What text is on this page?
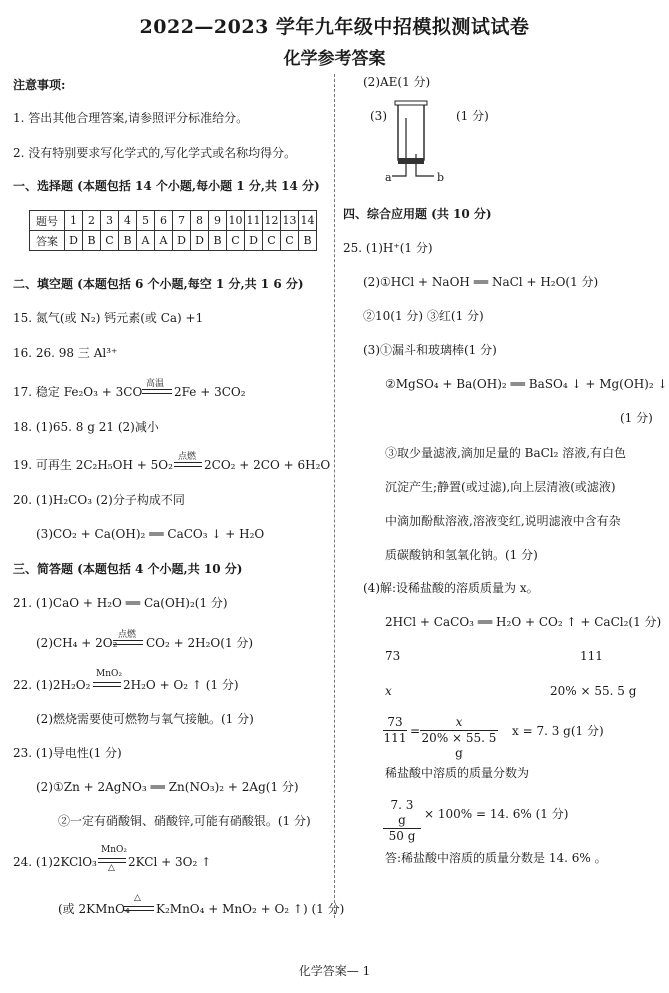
2022—2023 学年九年级中招模拟测试试卷
化学参考答案
注意事项:
1. 答出其他合理答案,请参照评分标准给分。
2. 没有特别要求写化学式的,写化学式或名称均得分。
一、选择题 (本题包括 14 个小题,每小题 1 分,共 14 分)
题号	1	2	3	4	5	6	7	8	9	10	11	12	13	14
答案	D	B	C	B	A	A	D	D	B	C	D	C	C	B
二、填空题 (本题包括 6 个小题,每空 1 分,共 1 6 分)
15. 氮气(或 N₂) 钙元素(或 Ca) +1
16. 26. 98 三 Al³⁺
17. 稳定 Fe₂O₃ + 3CO
高温
2Fe + 3CO₂
18. (1)65. 8 g 21 (2)减小
19. 可再生 2C₂H₅OH + 5O₂
点燃
2CO₂ + 2CO + 6H₂O
20. (1)H₂CO₃ (2)分子构成不同
(3)CO₂ + Ca(OH)₂ ══ CaCO₃ ↓ + H₂O
三、简答题 (本题包括 4 个小题,共 10 分)
21. (1)CaO + H₂O ══ Ca(OH)₂(1 分)
(2)CH₄ + 2O₂
点燃
CO₂ + 2H₂O(1 分)
22. (1)2H₂O₂
MnO₂
2H₂O + O₂ ↑ (1 分)
(2)燃烧需要使可燃物与氧气接触。(1 分)
23. (1)导电性(1 分)
(2)①Zn + 2AgNO₃ ══ Zn(NO₃)₂ + 2Ag(1 分)
②一定有硝酸铜、硝酸锌,可能有硝酸银。(1 分)
24. (1)2KClO₃
MnO₂
△ 2KCl + 3O₂ ↑
(或 2KMnO₄
△
K₂MnO₄ + MnO₂ + O₂ ↑) (1 分)
(2)AE(1 分)
(3)
a	b
(1 分)
四、综合应用题 (共 10 分)
25. (1)H⁺(1 分)
(2)①HCl + NaOH ══ NaCl + H₂O(1 分)
②10(1 分) ③红(1 分)
(3)①漏斗和玻璃棒(1 分)
②MgSO₄ + Ba(OH)₂ ══ BaSO₄ ↓ + Mg(OH)₂ ↓
(1 分)
③取少量滤液,滴加足量的 BaCl₂ 溶液,有白色
沉淀产生;静置(或过滤),向上层清液(或滤液)
中滴加酚酞溶液,溶液变红,说明滤液中含有杂
质碳酸钠和氢氧化钠。(1 分)
(4)解:设稀盐酸的溶质质量为 x。
2HCl + CaCO₃ ══ H₂O + CO₂ ↑ + CaCl₂(1 分)
73	111
x	20% × 55. 5 g
$\frac{73}{111} = \frac{x}{20\% \times 55. 5 g}$ x = 7. 3 g(1 分)
稀盐酸中溶质的质量分数为
$\frac{7. 3 g}{50 g} \times 100\% = 14$. 6% (1 分)
答:稀盐酸中溶质的质量分数是 14. 6% 。
化学答案— 1
